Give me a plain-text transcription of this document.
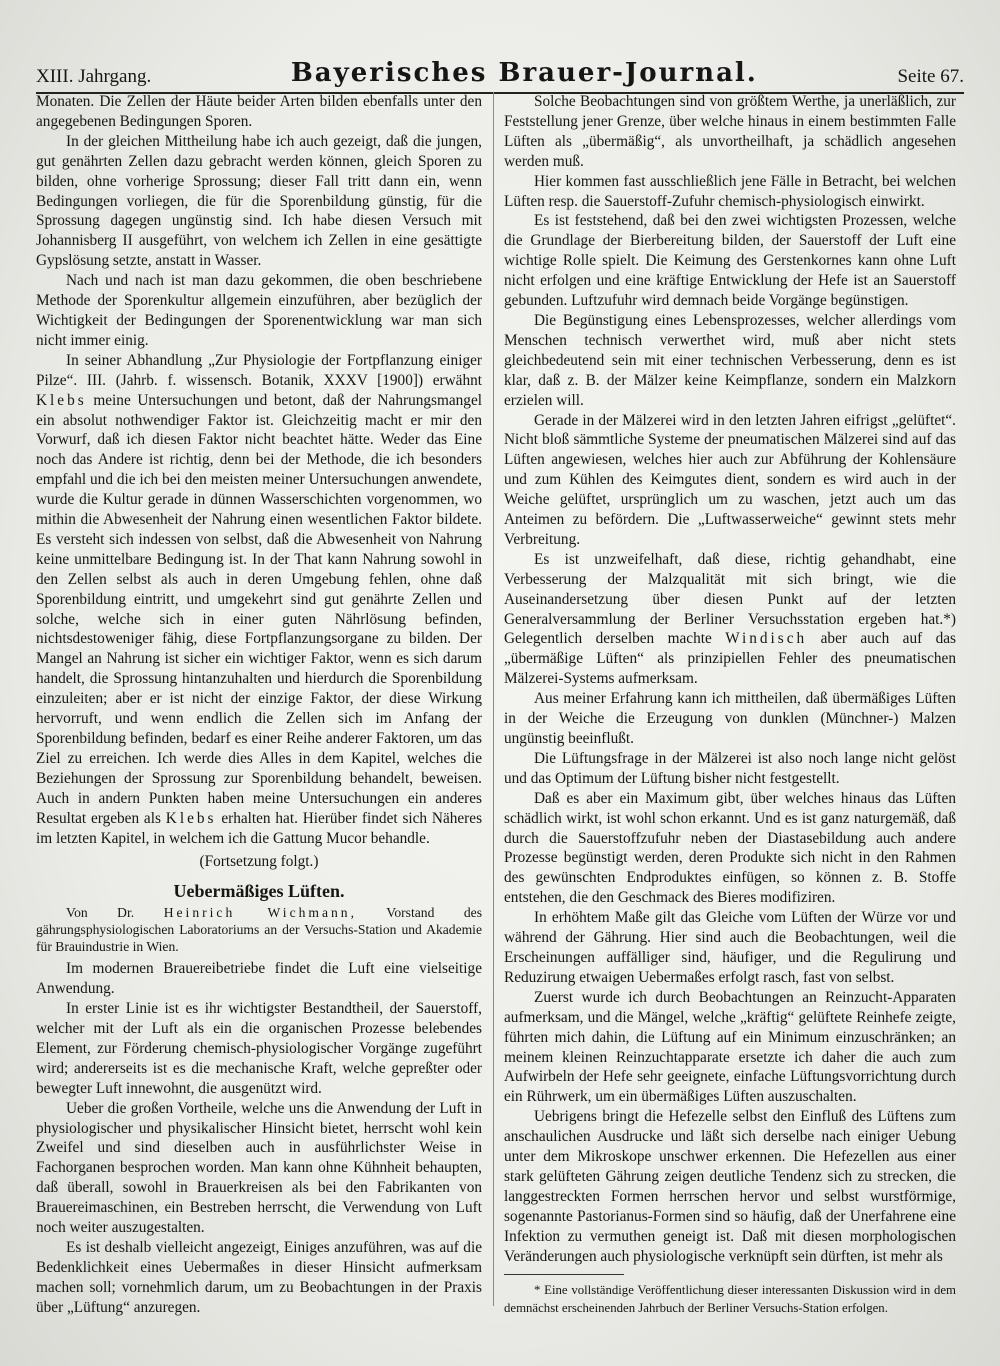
XIII. Jahrgang.	Bayerisches Brauer-Journal.	Seite 67.

Monaten. Die Zellen der Häute beider Arten bilden ebenfalls unter den angegebenen Bedingungen Sporen.

In der gleichen Mittheilung habe ich auch gezeigt, daß die jungen, gut genährten Zellen dazu gebracht werden können, gleich Sporen zu bilden, ohne vorherige Sprossung; dieser Fall tritt dann ein, wenn Bedingungen vorliegen, die für die Sporenbildung günstig, für die Sprossung dagegen ungünstig sind. Ich habe diesen Versuch mit Johannisberg II ausgeführt, von welchem ich Zellen in eine gesättigte Gypslösung setzte, anstatt in Wasser.

Nach und nach ist man dazu gekommen, die oben beschriebene Methode der Sporenkultur allgemein einzuführen, aber bezüglich der Wichtigkeit der Bedingungen der Sporenentwicklung war man sich nicht immer einig.

In seiner Abhandlung „Zur Physiologie der Fortpflanzung einiger Pilze“. III. (Jahrb. f. wissensch. Botanik, XXXV [1900]) erwähnt Klebs meine Untersuchungen und betont, daß der Nahrungsmangel ein absolut nothwendiger Faktor ist. Gleichzeitig macht er mir den Vorwurf, daß ich diesen Faktor nicht beachtet hätte. Weder das Eine noch das Andere ist richtig, denn bei der Methode, die ich besonders empfahl und die ich bei den meisten meiner Untersuchungen anwendete, wurde die Kultur gerade in dünnen Wasserschichten vorgenommen, wo mithin die Abwesenheit der Nahrung einen wesentlichen Faktor bildete. Es versteht sich indessen von selbst, daß die Abwesenheit von Nahrung keine unmittelbare Bedingung ist. In der That kann Nahrung sowohl in den Zellen selbst als auch in deren Umgebung fehlen, ohne daß Sporenbildung eintritt, und umgekehrt sind gut genährte Zellen und solche, welche sich in einer guten Nährlösung befinden, nichtsdestoweniger fähig, diese Fortpflanzungsorgane zu bilden. Der Mangel an Nahrung ist sicher ein wichtiger Faktor, wenn es sich darum handelt, die Sprossung hintanzuhalten und hierdurch die Sporenbildung einzuleiten; aber er ist nicht der einzige Faktor, der diese Wirkung hervorruft, und wenn endlich die Zellen sich im Anfang der Sporenbildung befinden, bedarf es einer Reihe anderer Faktoren, um das Ziel zu erreichen. Ich werde dies Alles in dem Kapitel, welches die Beziehungen der Sprossung zur Sporenbildung behandelt, beweisen. Auch in andern Punkten haben meine Untersuchungen ein anderes Resultat ergeben als Klebs erhalten hat. Hierüber findet sich Näheres im letzten Kapitel, in welchem ich die Gattung Mucor behandle.

(Fortsetzung folgt.)

Uebermäßiges Lüften.

Von Dr. Heinrich Wichmann, Vorstand des gährungsphysiologischen Laboratoriums an der Versuchs-Station und Akademie für Brauindustrie in Wien.

Im modernen Brauereibetriebe findet die Luft eine vielseitige Anwendung.

In erster Linie ist es ihr wichtigster Bestandtheil, der Sauerstoff, welcher mit der Luft als ein die organischen Prozesse belebendes Element, zur Förderung chemisch-physiologischer Vorgänge zugeführt wird; andererseits ist es die mechanische Kraft, welche gepreßter oder bewegter Luft innewohnt, die ausgenützt wird.

Ueber die großen Vortheile, welche uns die Anwendung der Luft in physiologischer und physikalischer Hinsicht bietet, herrscht wohl kein Zweifel und sind dieselben auch in ausführlichster Weise in Fachorganen besprochen worden. Man kann ohne Kühnheit behaupten, daß überall, sowohl in Brauerkreisen als bei den Fabrikanten von Brauereimaschinen, ein Bestreben herrscht, die Verwendung von Luft noch weiter auszugestalten.

Es ist deshalb vielleicht angezeigt, Einiges anzuführen, was auf die Bedenklichkeit eines Uebermaßes in dieser Hinsicht aufmerksam machen soll; vornehmlich darum, um zu Beobachtungen in der Praxis über „Lüftung“ anzuregen.

Solche Beobachtungen sind von größtem Werthe, ja unerläßlich, zur Feststellung jener Grenze, über welche hinaus in einem bestimmten Falle Lüften als „übermäßig“, als unvortheilhaft, ja schädlich angesehen werden muß.

Hier kommen fast ausschließlich jene Fälle in Betracht, bei welchen Lüften resp. die Sauerstoff-Zufuhr chemisch-physiologisch einwirkt.

Es ist feststehend, daß bei den zwei wichtigsten Prozessen, welche die Grundlage der Bierbereitung bilden, der Sauerstoff der Luft eine wichtige Rolle spielt. Die Keimung des Gerstenkornes kann ohne Luft nicht erfolgen und eine kräftige Entwicklung der Hefe ist an Sauerstoff gebunden. Luftzufuhr wird demnach beide Vorgänge begünstigen.

Die Begünstigung eines Lebensprozesses, welcher allerdings vom Menschen technisch verwerthet wird, muß aber nicht stets gleichbedeutend sein mit einer technischen Verbesserung, denn es ist klar, daß z. B. der Mälzer keine Keimpflanze, sondern ein Malzkorn erzielen will.

Gerade in der Mälzerei wird in den letzten Jahren eifrigst „gelüftet“. Nicht bloß sämmtliche Systeme der pneumatischen Mälzerei sind auf das Lüften angewiesen, welches hier auch zur Abführung der Kohlensäure und zum Kühlen des Keimgutes dient, sondern es wird auch in der Weiche gelüftet, ursprünglich um zu waschen, jetzt auch um das Anteimen zu befördern. Die „Luftwasserweiche“ gewinnt stets mehr Verbreitung.

Es ist unzweifelhaft, daß diese, richtig gehandhabt, eine Verbesserung der Malzqualität mit sich bringt, wie die Auseinandersetzung über diesen Punkt auf der letzten Generalversammlung der Berliner Versuchsstation ergeben hat.*) Gelegentlich derselben machte Windisch aber auch auf das „übermäßige Lüften“ als prinzipiellen Fehler des pneumatischen Mälzerei-Systems aufmerksam.

Aus meiner Erfahrung kann ich mittheilen, daß übermäßiges Lüften in der Weiche die Erzeugung von dunklen (Münchner-) Malzen ungünstig beeinflußt.

Die Lüftungsfrage in der Mälzerei ist also noch lange nicht gelöst und das Optimum der Lüftung bisher nicht festgestellt.

Daß es aber ein Maximum gibt, über welches hinaus das Lüften schädlich wirkt, ist wohl schon erkannt. Und es ist ganz naturgemäß, daß durch die Sauerstoffzufuhr neben der Diastasebildung auch andere Prozesse begünstigt werden, deren Produkte sich nicht in den Rahmen des gewünschten Endproduktes einfügen, so können z. B. Stoffe entstehen, die den Geschmack des Bieres modifiziren.

In erhöhtem Maße gilt das Gleiche vom Lüften der Würze vor und während der Gährung. Hier sind auch die Beobachtungen, weil die Erscheinungen auffälliger sind, häufiger, und die Regulirung und Reduzirung etwaigen Uebermaßes erfolgt rasch, fast von selbst.

Zuerst wurde ich durch Beobachtungen an Reinzucht-Apparaten aufmerksam, und die Mängel, welche „kräftig“ gelüftete Reinhefe zeigte, führten mich dahin, die Lüftung auf ein Minimum einzuschränken; an meinem kleinen Reinzuchtapparate ersetzte ich daher die auch zum Aufwirbeln der Hefe sehr geeignete, einfache Lüftungsvorrichtung durch ein Rührwerk, um ein übermäßiges Lüften auszuschalten.

Uebrigens bringt die Hefezelle selbst den Einfluß des Lüftens zum anschaulichen Ausdrucke und läßt sich derselbe nach einiger Uebung unter dem Mikroskope unschwer erkennen. Die Hefezellen aus einer stark gelüfteten Gährung zeigen deutliche Tendenz sich zu strecken, die langgestreckten Formen herrschen hervor und selbst wurstförmige, sogenannte Pastorianus-Formen sind so häufig, daß der Unerfahrene eine Infektion zu vermuthen geneigt ist. Daß mit diesen morphologischen Veränderungen auch physiologische verknüpft sein dürften, ist mehr als

* Eine vollständige Veröffentlichung dieser interessanten Diskussion wird in dem demnächst erscheinenden Jahrbuch der Berliner Versuchs-Station erfolgen.
